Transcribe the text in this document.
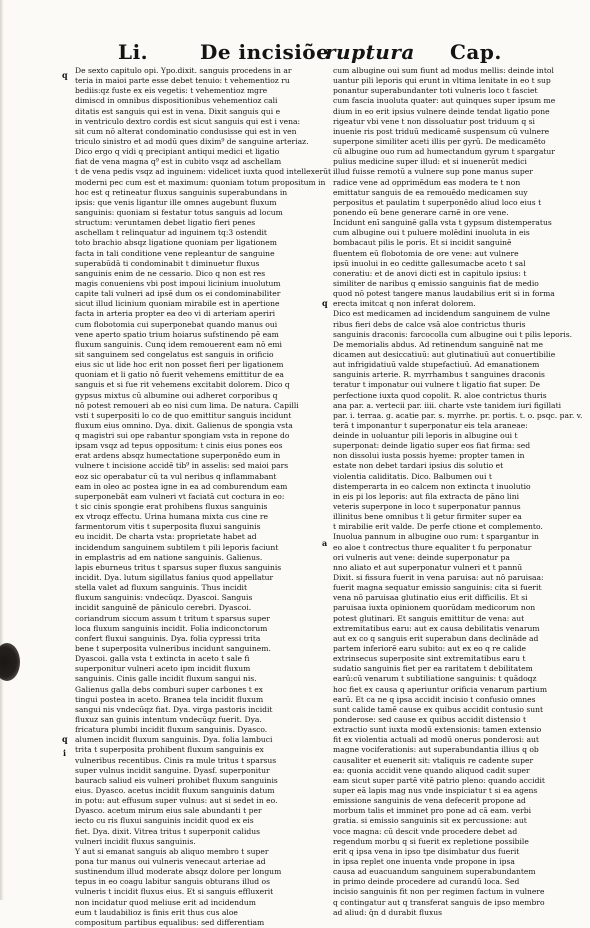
Li.	De incisiõe
ruptura Cap.
q
q
i
q
a
De sexto capitulo opi. Ypo.dixit. sanguis procedens in ar
teria in maioi parte esse debet tenuio: t vehementioz ru
bediis:qz fuste ex eis vegetis: t vehementioz mgre
dimiscd in omnibus dispositionibus vehementioz cali
ditatis est sanguis qui est in vena. Dixit sanguis qui e
in ventriculo dextro cordis est sicut sanguis qui est i vena:
sit cum nō alterat condominatio condusisse qui est in ven
triculo sinistro et ad modū ques dixim⁹ de sanguine arteriaz.
Dico ergo q vidi q precipiant antiqui medici et ligatio
fiat de vena magna q⁹ est in cubito vsqz ad aschellam
t de vena pedis vsqz ad inguinem: videlicet iuxta quod intellexerūt
moderni pec cum est et maximum: quoniam totum propositum in
hoc est q retineatur fluxus sanguinis superabundans in
ipsis: que venis ligantur ille omnes augebunt fluxum
sanguinis: quoniam si festatur totus sanguis ad locum
structum: veruntamen debet ligatio fieri penes
aschellam t relinquatur ad inguinem tq:3 ostendit
toto brachio absqz ligatione quoniam per ligationem
facta in tali conditione vene repleantur de sanguine
superabūdā ti condominabit t diminuetur fluxus
sanguinis enim de ne cessario. Dico q non est res
magis conueniens vbi post impoui licinium inuolutum
capite tali vulneri ad ipsē dum os ei condominabiliter
sicut illud licinium quoniam mirabile est in apertione
facta in arteria propter ea deo vi di arteriam aperiri
cum flobotomia cui superponebat quando manus oui
vene aperto spatio trium hoiarus sufstinendo pē eam
fluxum sanguinis. Cunq idem remouerent eam nō emi
sit sanguinem sed congelatus est sanguis in orificio
eius sic ut lide hoc erit non posset fieri per ligationem
quoniam et li gatio nō fuerit vehemens emittitur de ea
sanguis et si fue rit vehemens excitabit dolorem. Dico q
gypsus mixtus cū albumine oui adheret corporibus q
nō potest remoueri ab eo nisi cum lima. De natura. Capilli
vsti t superpositi lo co de quo emittitur sanguis incidunt
fluxum eius omnino. Dya. dixit. Galienus de spongia vsta
q magistri sui ope rabantur spongiam vsta in repone do
ipsam vsqz ad tepus oppositum: t cinis eius pones eos
erat ardens absqz humectatione superponēdo eum in
vulnere t incisione accidē tib⁹ in asselis: sed maioi pars
eoz sic operabatur cū ta vul neribus q inflammabant
eam in oleo ac postea igne in ea ad comburendum eam
superponebāt eam vulneri vt faciatā cut coctura in eo:
t sic cinis spongie erat prohibens fluxus sanguinis
ex vtroqz effectu. Urina humana mixta cus cine re
farmentorum vitis t superposita fluxui sanguinis
eu incidit. De charta vsta: proprietate habet ad
incidendum sanguinem subtilem t pili leporis faciunt
in emplastris ad em natione sanguinis. Galienus.
lapis eburneus tritus t sparsus super fluxus sanguinis
incidit. Dya. lutum sigillatus fanius quod appellatur
stella valet ad fluxum sanguinis. Thus incidit
fluxum sanguinis: vndecūqz. Dyascoi. Sanguis
incidit sanguinē de pāniculo cerebri. Dyascoi.
coriandrum siccum assum t tritum t sparsus super
loca fluxum sanguinis incidit. Folia indiconctorum
confert fluxui sanguinis. Dya. folia cypressi trita
bene t superposita vulneribus incidunt sanguinem.
Dyascoi. galla vsta t extincta in aceto t sale fi
superponitur vulneri aceto ipm incidit fluxum
sanguinis. Cinis galle incidit fluxum sangui nis.
Galienus galla debs comburi super carbones t ex
tingui postea in aceto. Branea tela incidit fluxum
sangui nis vndecūqz fiat. Dya. virga pastoris incidit
fluxuz san guinis intentum vndecūqz fuerit. Dya.
fricatura plumbi incidit fluxum sanguinis. Dyasco.
alumen incidit fluxum sanguinis. Dya. folia lambuci
trita t superposita prohibent fluxum sanguinis ex
vulneribus recentibus. Cinis ra mule tritus t sparsus
super vulnus incidit sanguine. Dyasf. superponitur
bauracb saliud eis vulneri prohibet fluxum sanguinis
eius. Dyasco. acetus incidit fluxum sanguinis datum
in potu: aut effusum super vulnus: aut si sedet in eo.
Dyasco. acetum mirum eius sale abundanti t per
iecto cu ris fluxui sanguinis incidit quod ex eis
fiet. Dya. dixit. Vitrea tritus t superponit calidus
vulneri incidit fluxus sanguinis.
Y aut si emanat sanguis ab aliquo membro t super
pona tur manus oui vulneris venecaut arteriae ad
sustinendum illud moderate absqz dolore per longum
tepus in eo coagu labitur sanguis obturans illud os
vulneris t incidit fluxus eius. Et si sanguis effluxerit
non incidatur quod meliuse erit ad incidendum
eum t laudabilioz is finis erit thus cus aloe
compositum partibus equalibus: sed differentiam
cum albugine oui sum fiunt ad modus mellis: deinde intol
uantur pili leporis qui erunt in vltima lenitate in eo t sup
ponantur superabundanter toti vulneris loco t fasciet
cum fascia inuoluta quater: aut quinques super ipsum me
dium in eo erit ipsius vulnere deinde tendat ligatio pone
rigeatur vbi vene t non dissoluatur post triduum q si
inuenie ris post triduū medicamē suspensum cū vulnere
superpone similiter aceti illis per gyrū. De medicamēto
cū albugine ouo rum ad humectandum gyrum t spargatur
pulius medicine super illud: et si inuenerūt medici
illud fuisse remotū a vulnere sup pone manus super
radice vene ad opprimēdum eas modera te t non
emittatur sanguis de ea remouēdo medicamen suy
perpositus et paulatim t superponēdo aliud loco eius t
ponendo eū bene generare carnē in ore vene.
Incidunt enī sanguinē galla vsta t gypsum distemperatus
cum albugine oui t puluere molēdini inuoluta in eis
bombacaut pilis le poris. Et si incidit sanguinē
fluentem eū flobotomia de ore vene: aut vulnere
ipsū inuolui in eo ceditte gallesumacbe aceto t sal
coneratiu: et de anovi dicti est in capitulo ipsius: t
similiter de naribus q emissio sanguinis fiat de medio
quod nō potest tangere manus laudabilius erit si in forma
erecta imitcat q non inferat dolorem.
Dico est medicamen ad incidendum sanguinem de vulne
ribus fieri debs de calce vsā aloe contrictus thuris
sanguinis draconis: farcocolla cum albugine oui t pilis leporis.
De memorialis abdus. Ad retinendum sanguinē nat me
dicamen aut desiccatiuū: aut glutinatiuū aut conuertibilie
aut infrigidatiuū valde stupefactiuū. Ad emanationem
sanguinis arterie. R. myrrhambus t sanguines draconis
teratur t imponatur oui vulnere t ligatio fiat super. De
perfectione iuxta quod copolit. R. aloe contrictus thuris
ana par. a. vertecii par. iiii. charte vste tanidem iuri figillati
par. i. terraa. g. acatie par. s. myrrhe. pr. portis. t. o. psqc. par. v.
terā t imponantur t superponatur eis tela araneae:
deinde in uoluantur pili leporis in albugine oui t
superponat: deinde ligatio super eos fiat firma: sed
non dissolui iusta possis hyeme: propter tamen in
estate non debet tardari ipsius dis solutio et
violentia caliditatis. Dico. Balbumen oui t
distemperarta in eo calcem non extincta t inuolutio
in eis pi los leporis: aut fila extracta de pāno lini
veteris superpone in loco t superponatur pannus
illinitus bene omnibus t li getur firmiter super ea
t mirabilie erit valde. De perfe ctione et complemento.
Inuolua pannum in albugine ouo rum: t spargantur in
eo aloe t contrectus thure equaliter t fu perponatur
ori vulneris aut vene: deinde superponatur pa
nno aliato et aut superponatur vulneri et t pannū
Dixit. si fissura fuerit in vena paruisa: aut nō paruisaa:
fuerit magna sequatur emissio sanguinis: cita si fuerit
vena nō paruisaa glutinatio eius erit difficilis. Et si
paruisaa iuxta opinionem quorūdam medicorum non
potest glutinari. Et sanguis emittitur de vena: aut
extremitatibus earu: aut ex causa debilitatis venarum
aut ex co q sanguis erit superabun dans declināde ad
partem inferiorē earu subito: aut ex eo q re calide
extrinsecus superposite sint extremitatibus earu t
sudatio sanguinis fiet per ea raritatem t debilitatem
earū:cū venarum t subtiliatione sanguinis: t quādoqz
hoc fiet ex causa q aperiuntur orificia venarum partium
earū. Et ca ne q ipsa accidit incisio t confusio omnes
sunt calide tamē cause ex quibus accidit contusio sunt
ponderose: sed cause ex quibus accidit distensio t
extractio sunt iuxta modū extensionis: tamen extensio
fit ex violentia actuali ad modū onerus ponderosi: aut
magne vociferationis: aut superabundantia illius q ob
causaliter et euenerit sit: vtaliquis re cadente super
ea: quonia accidit vene quando aliquod cadit super
eam sicut super partē vitē patrio pleno: quando accidit
super eā lapis mag nus vnde inspiciatur t si ea agens
emissione sanguinis de vena defecerit propone ad
morbum talis et imminet pro pone ad cā eam. verbi
gratia. si emissio sanguinis sit ex percussione: aut
voce magna: cū descit vnde procedere debet ad
regendum morbu q si fuerit ex repletione possibile
erit q ipsa vena in ipso tpe disimbatur dus fuerit
in ipsa replet one inuenta vnde propone in ipsa
causa ad euacuandum sanguinem superabundantem
in primo deinde procedere ad curandū loca. Sed
incisio sanguinis fit non per regimen factum in vulnere
q contingatur aut q transferat sanguis de ipso membro
ad aliud: q̄n d durabit fluxus
